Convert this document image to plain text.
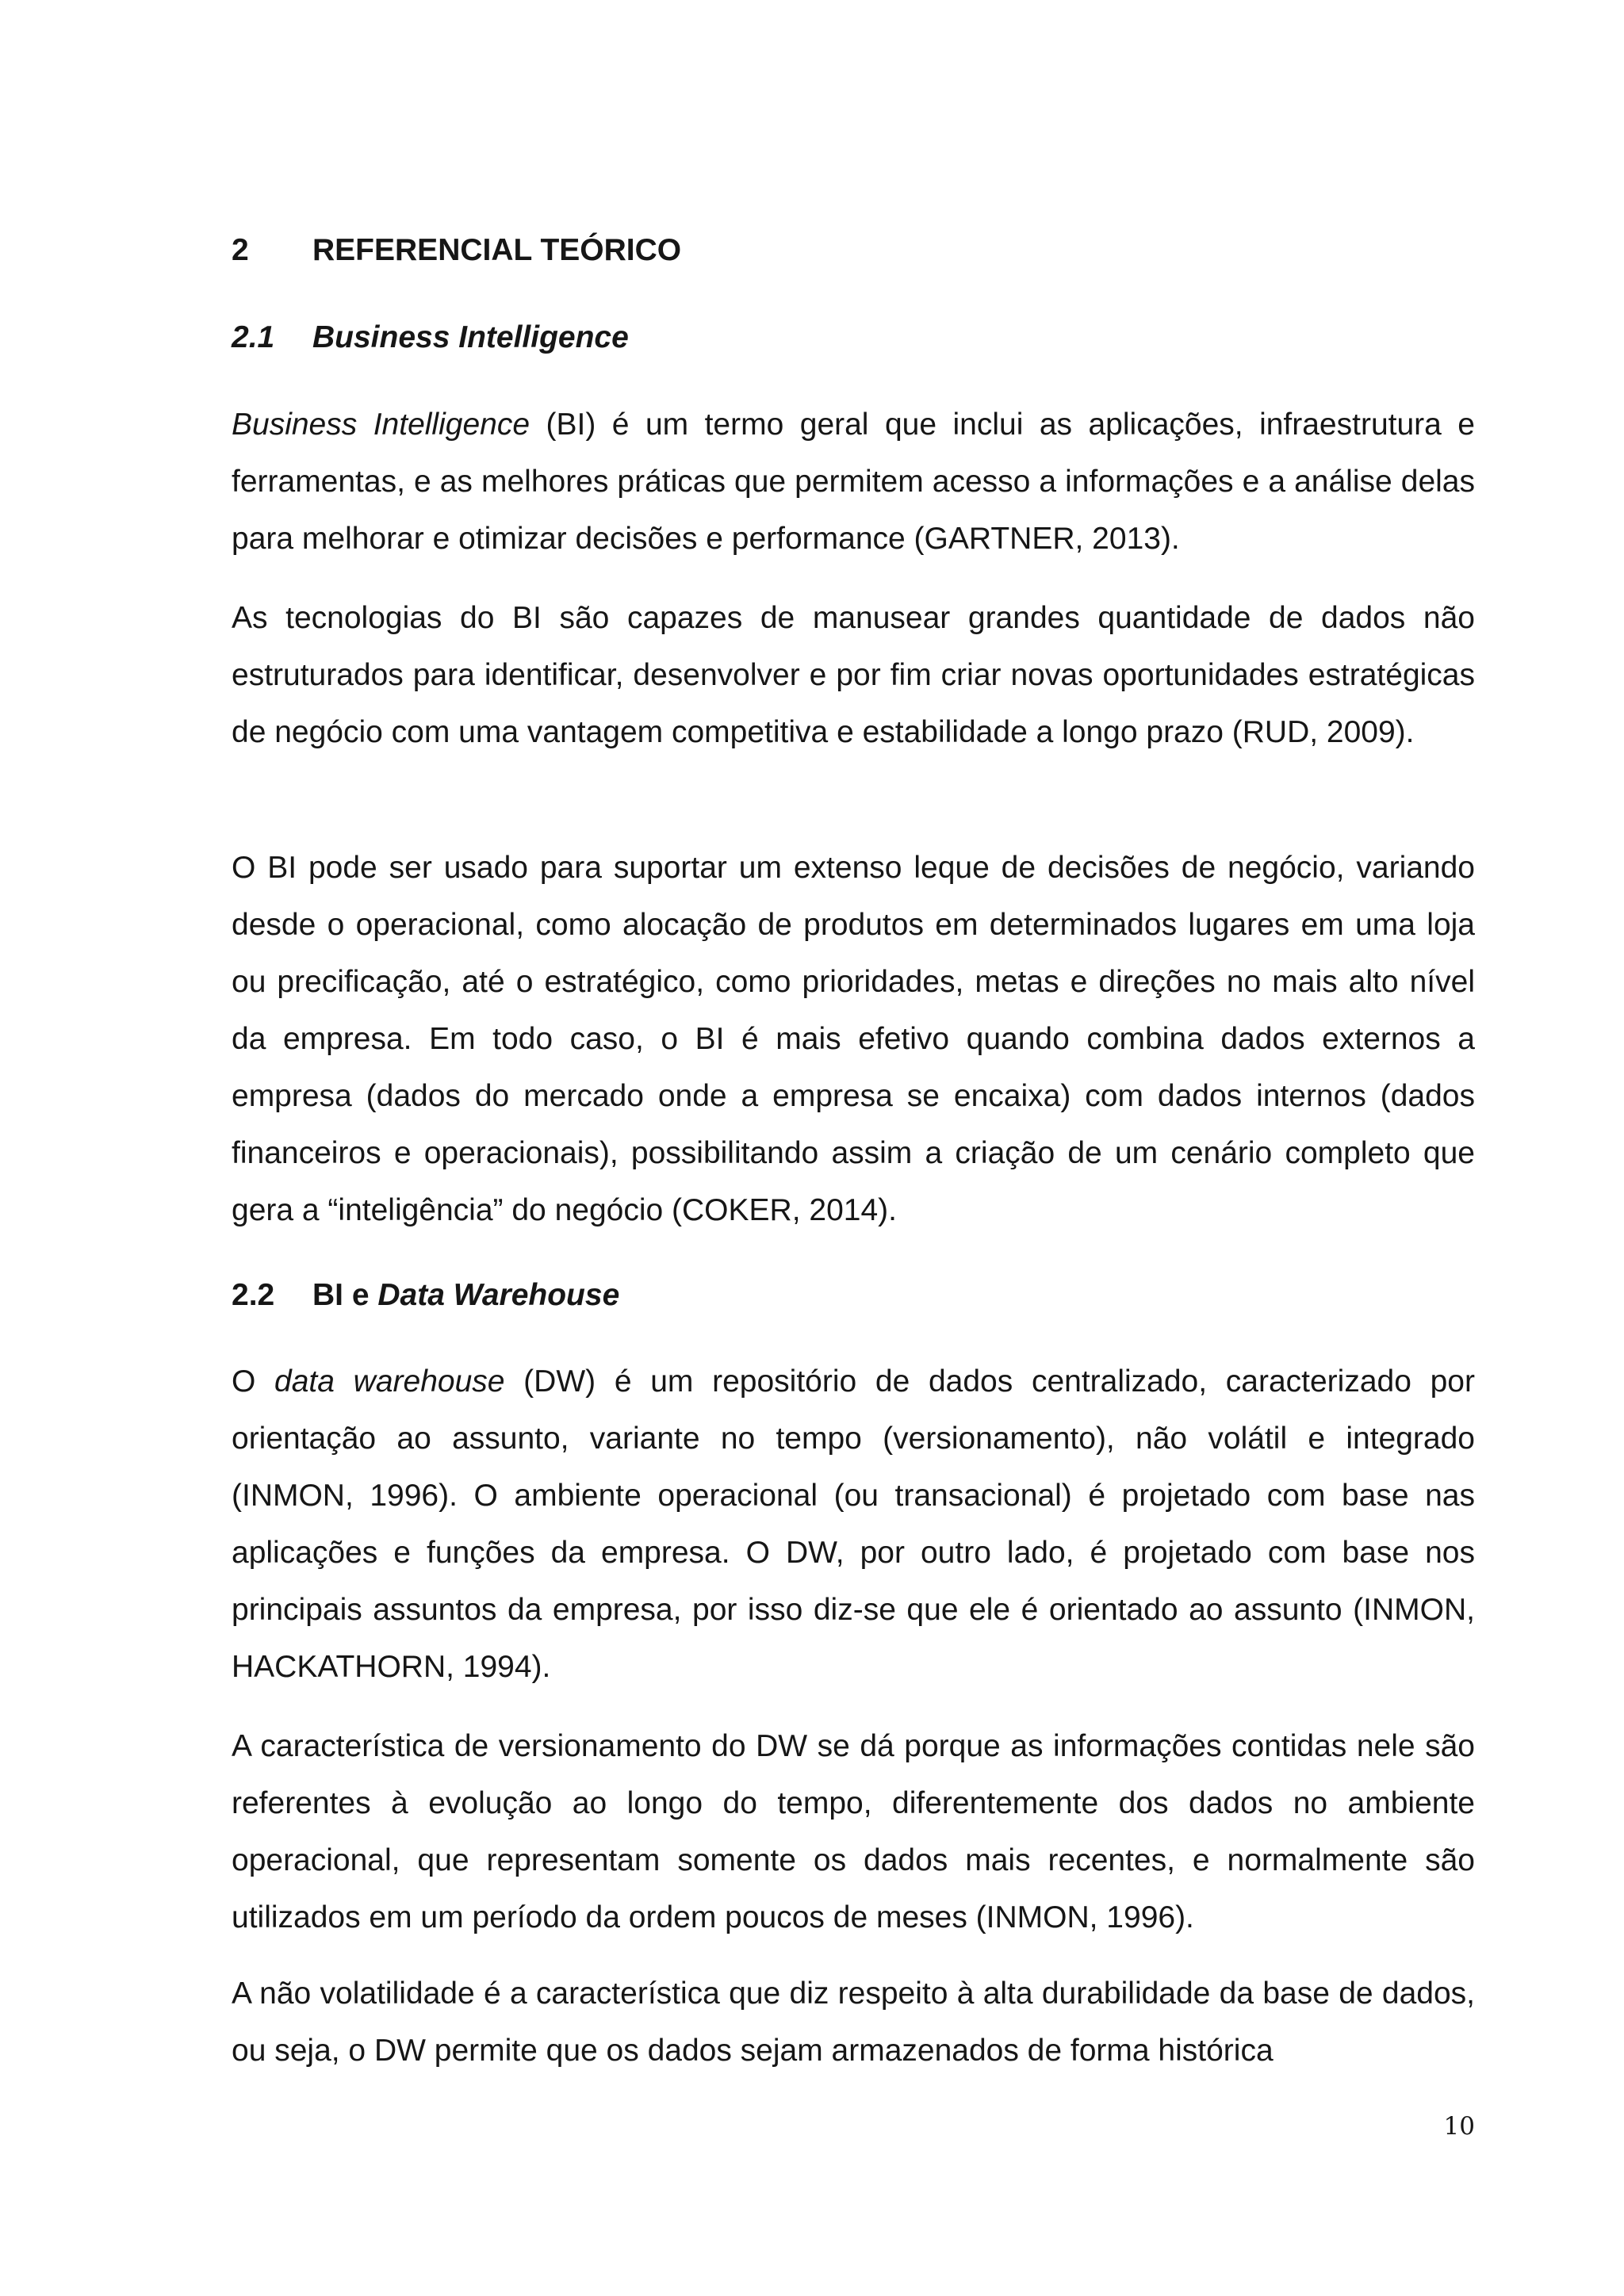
2 REFERENCIAL TEÓRICO
2.1 Business Intelligence

Business Intelligence (BI) é um termo geral que inclui as aplicações, infraestrutura e ferramentas, e as melhores práticas que permitem acesso a informações e a análise delas para melhorar e otimizar decisões e performance (GARTNER, 2013).

As tecnologias do BI são capazes de manusear grandes quantidade de dados não estruturados para identificar, desenvolver e por fim criar novas oportunidades estratégicas de negócio com uma vantagem competitiva e estabilidade a longo prazo (RUD, 2009).

O BI pode ser usado para suportar um extenso leque de decisões de negócio, variando desde o operacional, como alocação de produtos em determinados lugares em uma loja ou precificação, até o estratégico, como prioridades, metas e direções no mais alto nível da empresa. Em todo caso, o BI é mais efetivo quando combina dados externos a empresa (dados do mercado onde a empresa se encaixa) com dados internos (dados financeiros e operacionais), possibilitando assim a criação de um cenário completo que gera a “inteligência” do negócio (COKER, 2014).

2.2 BI e Data Warehouse

O data warehouse (DW) é um repositório de dados centralizado, caracterizado por orientação ao assunto, variante no tempo (versionamento), não volátil e integrado (INMON, 1996). O ambiente operacional (ou transacional) é projetado com base nas aplicações e funções da empresa. O DW, por outro lado, é projetado com base nos principais assuntos da empresa, por isso diz-se que ele é orientado ao assunto (INMON, HACKATHORN, 1994).

A característica de versionamento do DW se dá porque as informações contidas nele são referentes à evolução ao longo do tempo, diferentemente dos dados no ambiente operacional, que representam somente os dados mais recentes, e normalmente são utilizados em um período da ordem poucos de meses (INMON, 1996).

A não volatilidade é a característica que diz respeito à alta durabilidade da base de dados, ou seja, o DW permite que os dados sejam armazenados de forma histórica

10
